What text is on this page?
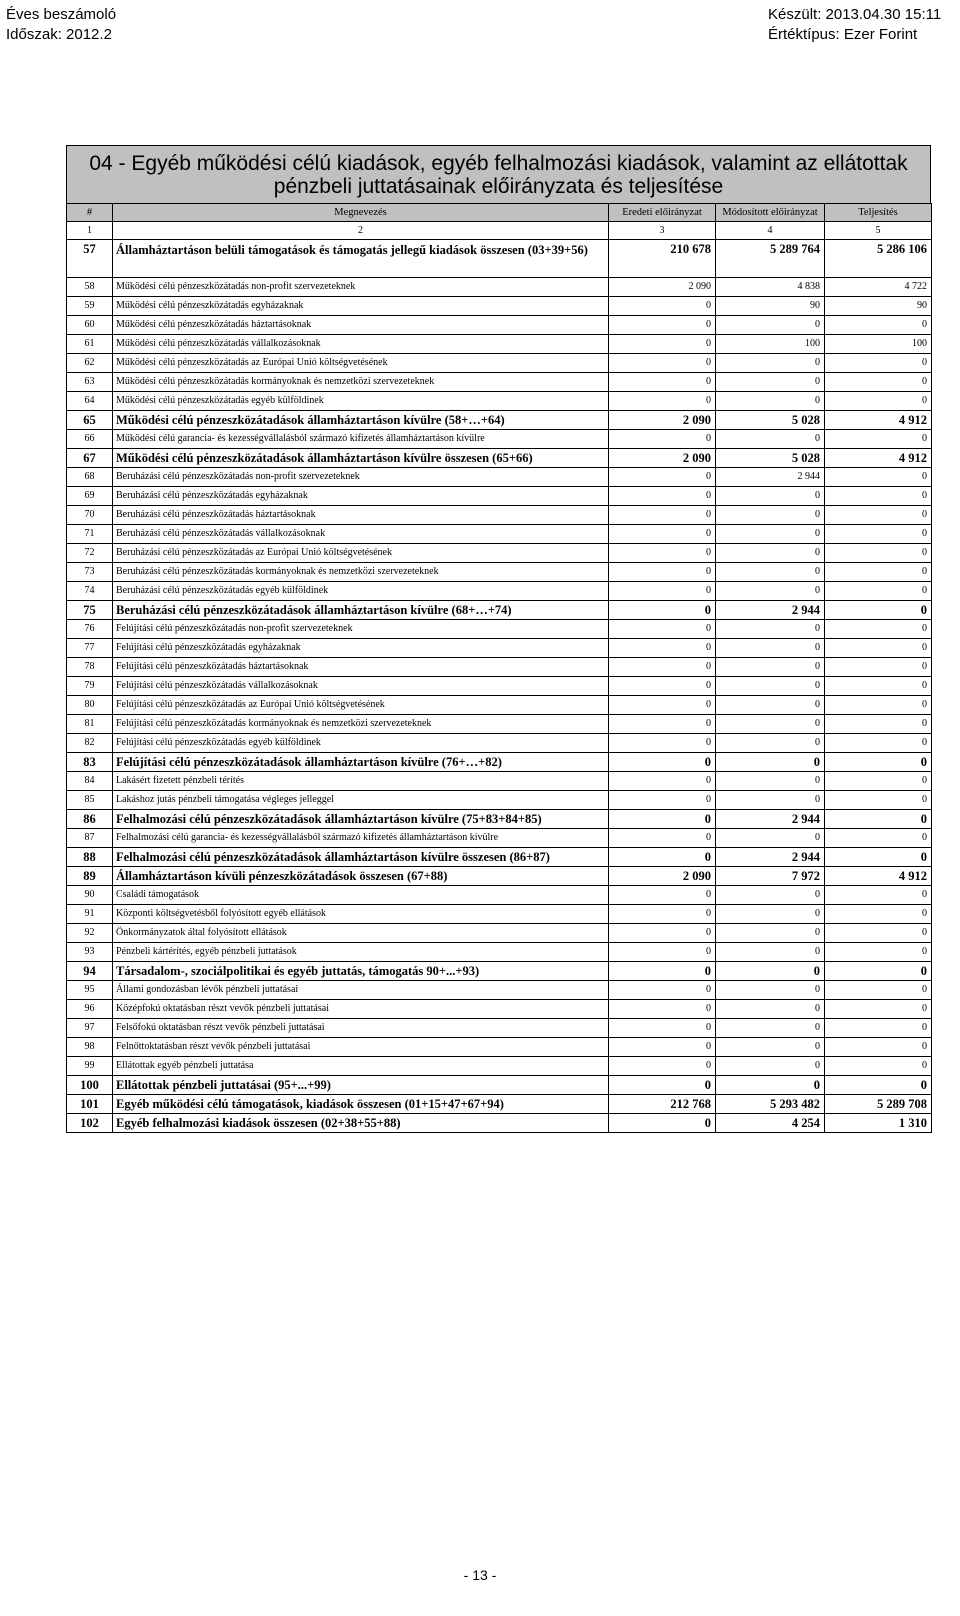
Éves beszámoló
Időszak: 2012.2
Készült: 2013.04.30 15:11
Értéktípus: Ezer Forint
04 - Egyéb működési célú kiadások, egyéb felhalmozási kiadások, valamint az ellátottak
pénzbeli juttatásainak előirányzata és teljesítése
#	Megnevezés	Eredeti előirányzat	Módosított előirányzat	Teljesítés
1	2	3	4	5
57	Államháztartáson belüli támogatások és támogatás jellegű kiadások összesen (03+39+56)	210 678	5 289 764	5 286 106
58	Működési célú pénzeszközátadás non-profit szervezeteknek	2 090	4 838	4 722
59	Működési célú pénzeszközátadás egyházaknak	0	90	90
60	Működési célú pénzeszközátadás háztartásoknak	0	0	0
61	Működési célú pénzeszközátadás vállalkozásoknak	0	100	100
62	Működési célú pénzeszközátadás az Európai Unió költségvetésének	0	0	0
63	Működési célú pénzeszközátadás kormányoknak és nemzetközi szervezeteknek	0	0	0
64	Működési célú pénzeszközátadás egyéb külföldinek	0	0	0
65	Működési célú pénzeszközátadások államháztartáson kívülre (58+…+64)	2 090	5 028	4 912
66	Működési célú garancia- és kezességvállalásból származó kifizetés államháztartáson kívülre	0	0	0
67	Működési célú pénzeszközátadások államháztartáson kívülre összesen (65+66)	2 090	5 028	4 912
68	Beruházási célú pénzeszközátadás non-profit szervezeteknek	0	2 944	0
69	Beruházási célú pénzeszközátadás egyházaknak	0	0	0
70	Beruházási célú pénzeszközátadás háztartásoknak	0	0	0
71	Beruházási célú pénzeszközátadás vállalkozásoknak	0	0	0
72	Beruházási célú pénzeszközátadás az Európai Unió költségvetésének	0	0	0
73	Beruházási célú pénzeszközátadás kormányoknak és nemzetközi szervezeteknek	0	0	0
74	Beruházási célú pénzeszközátadás egyéb külföldinek	0	0	0
75	Beruházási célú pénzeszközátadások államháztartáson kívülre (68+…+74)	0	2 944	0
76	Felújítási célú pénzeszközátadás non-profit szervezeteknek	0	0	0
77	Felújítási célú pénzeszközátadás egyházaknak	0	0	0
78	Felújítási célú pénzeszközátadás háztartásoknak	0	0	0
79	Felújítási célú pénzeszközátadás vállalkozásoknak	0	0	0
80	Felújítási célú pénzeszközátadás az Európai Unió költségvetésének	0	0	0
81	Felújítási célú pénzeszközátadás kormányoknak és nemzetközi szervezeteknek	0	0	0
82	Felújítási célú pénzeszközátadás egyéb külföldinek	0	0	0
83	Felújítási célú pénzeszközátadások államháztartáson kívülre (76+…+82)	0	0	0
84	Lakásért fizetett pénzbeli térítés	0	0	0
85	Lakáshoz jutás pénzbeli támogatása végleges jelleggel	0	0	0
86	Felhalmozási célú pénzeszközátadások államháztartáson kívülre (75+83+84+85)	0	2 944	0
87	Felhalmozási célú garancia- és kezességvállalásból származó kifizetés államháztartáson kívülre	0	0	0
88	Felhalmozási célú pénzeszközátadások államháztartáson kívülre összesen (86+87)	0	2 944	0
89	Államháztartáson kívüli pénzeszközátadások összesen (67+88)	2 090	7 972	4 912
90	Családi támogatások	0	0	0
91	Központi költségvetésből folyósított egyéb ellátások	0	0	0
92	Önkormányzatok által folyósított ellátások	0	0	0
93	Pénzbeli kártérítés, egyéb pénzbeli juttatások	0	0	0
94	Társadalom-, szociálpolitikai és egyéb juttatás, támogatás 90+...+93)	0	0	0
95	Állami gondozásban lévők pénzbeli juttatásai	0	0	0
96	Középfokú oktatásban részt vevők pénzbeli juttatásai	0	0	0
97	Felsőfokú oktatásban részt vevők pénzbeli juttatásai	0	0	0
98	Felnőttoktatásban részt vevők pénzbeli juttatásai	0	0	0
99	Ellátottak egyéb pénzbeli juttatása	0	0	0
100	Ellátottak pénzbeli juttatásai (95+...+99)	0	0	0
101	Egyéb működési célú támogatások, kiadások összesen (01+15+47+67+94)	212 768	5 293 482	5 289 708
102	Egyéb felhalmozási kiadások összesen (02+38+55+88)	0	4 254	1 310
- 13 -
